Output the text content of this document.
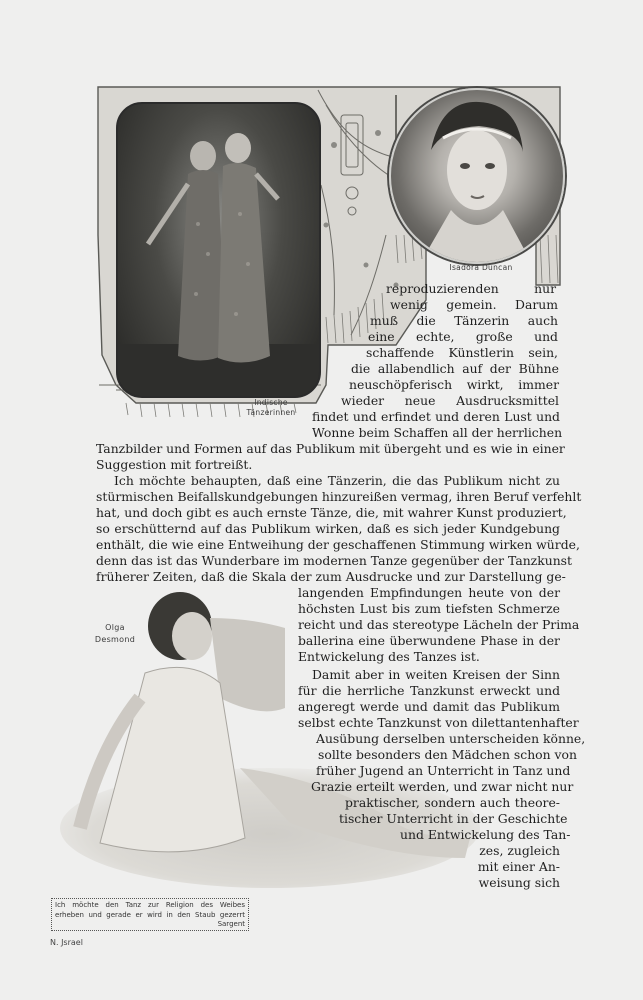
Isadora Duncan
Indische
Tänzerinnen
Olga
Desmond
reproduzierenden nur
wenig gemein. Darum
muß die Tänzerin auch
eine echte, große und
schaffende Künstlerin sein,
die allabendlich auf der Bühne
neuschöpferisch wirkt, immer
wieder neue Ausdrucksmittel
findet und erfindet und deren Lust und
Wonne beim Schaffen all der herrlichen
Tanzbilder und Formen auf das Publikum mit übergeht und es wie in einer
Suggestion mit fortreißt.
Ich möchte behaupten, daß eine Tänzerin, die das Publikum nicht zu
stürmischen Beifallskundgebungen hinzureißen vermag, ihren Beruf verfehlt
hat, und doch gibt es auch ernste Tänze, die, mit wahrer Kunst produziert,
so erschütternd auf das Publikum wirken, daß es sich jeder Kundgebung
enthält, die wie eine Entweihung der geschaffenen Stimmung wirken würde,
denn das ist das Wunderbare im modernen Tanze gegenüber der Tanzkunst
früherer Zeiten, daß die Skala der zum Ausdrucke und zur Darstellung ge-
langenden Empfindungen heute von der
höchsten Lust bis zum tiefsten Schmerze
reicht und das stereotype Lächeln der Prima
ballerina eine überwundene Phase in der
Entwickelung des Tanzes ist.
Damit aber in weiten Kreisen der Sinn
für die herrliche Tanzkunst erweckt und
angeregt werde und damit das Publikum
selbst echte Tanzkunst von dilettantenhafter
Ausübung derselben unterscheiden könne,
sollte besonders den Mädchen schon von
früher Jugend an Unterricht in Tanz und
Grazie erteilt werden, und zwar nicht nur
praktischer, sondern auch theore-
tischer Unterricht in der Geschichte
und Entwickelung des Tan-
zes, zugleich
mit einer An-
weisung sich
Ich möchte den Tanz zur Religion des Weibes
erheben und gerade er wird in den Staub gezerrt
Sargent
N. Jsrael
